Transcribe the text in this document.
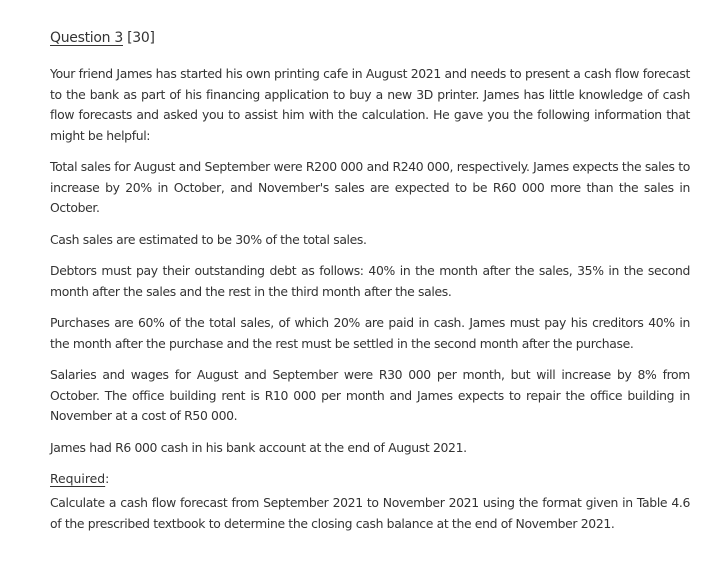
Question 3 [30]

Your friend James has started his own printing cafe in August 2021 and needs to present a cash flow forecast to the bank as part of his financing application to buy a new 3D printer. James has little knowledge of cash flow forecasts and asked you to assist him with the calculation. He gave you the following information that might be helpful:

Total sales for August and September were R200 000 and R240 000, respectively. James expects the sales to increase by 20% in October, and November's sales are expected to be R60 000 more than the sales in October.

Cash sales are estimated to be 30% of the total sales.

Debtors must pay their outstanding debt as follows: 40% in the month after the sales, 35% in the second month after the sales and the rest in the third month after the sales.

Purchases are 60% of the total sales, of which 20% are paid in cash. James must pay his creditors 40% in the month after the purchase and the rest must be settled in the second month after the purchase.

Salaries and wages for August and September were R30 000 per month, but will increase by 8% from October. The office building rent is R10 000 per month and James expects to repair the office building in November at a cost of R50 000.

James had R6 000 cash in his bank account at the end of August 2021.

Required:

Calculate a cash flow forecast from September 2021 to November 2021 using the format given in Table 4.6 of the prescribed textbook to determine the closing cash balance at the end of November 2021.
